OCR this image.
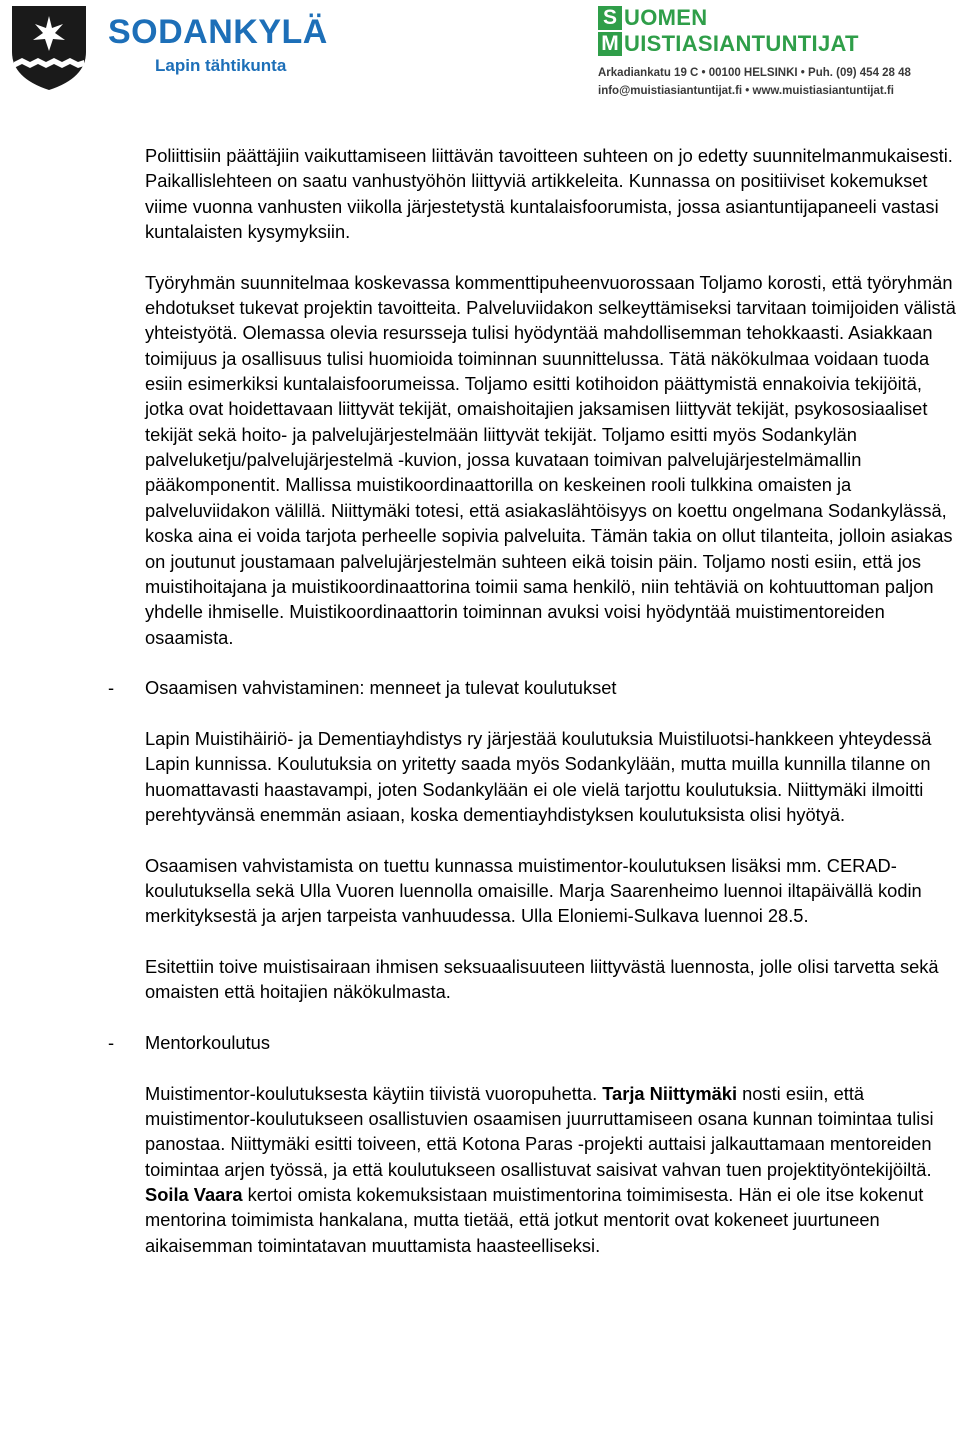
SODANKYLÄ
Lapin tähtikunta
S UOMEN
M UISTIASIANTUNTIJAT
Arkadiankatu 19 C • 00100 HELSINKI • Puh. (09) 454 28 48
info@muistiasiantuntijat.fi • www.muistiasiantuntijat.fi

Poliittisiin päättäjiin vaikuttamiseen liittävän tavoitteen suhteen on jo edetty suunnitelmanmukaisesti. Paikallislehteen on saatu vanhustyöhön liittyviä artikkeleita. Kunnassa on positiiviset kokemukset viime vuonna vanhusten viikolla järjestetystä kuntalaisfoorumista, jossa asiantuntijapaneeli vastasi kuntalaisten kysymyksiin.

Työryhmän suunnitelmaa koskevassa kommenttipuheenvuorossaan Toljamo korosti, että työryhmän ehdotukset tukevat projektin tavoitteita. Palveluviidakon selkeyttämiseksi tarvitaan toimijoiden välistä yhteistyötä. Olemassa olevia resursseja tulisi hyödyntää mahdollisemman tehokkaasti. Asiakkaan toimijuus ja osallisuus tulisi huomioida toiminnan suunnittelussa. Tätä näkökulmaa voidaan tuoda esiin esimerkiksi kuntalaisfoorumeissa. Toljamo esitti kotihoidon päättymistä ennakoivia tekijöitä, jotka ovat hoidettavaan liittyvät tekijät, omaishoitajien jaksamisen liittyvät tekijät, psykososiaaliset tekijät sekä hoito- ja palvelujärjestelmään liittyvät tekijät. Toljamo esitti myös Sodankylän palveluketju/palvelujärjestelmä -kuvion, jossa kuvataan toimivan palvelujärjestelmämallin pääkomponentit. Mallissa muistikoordinaattorilla on keskeinen rooli tulkkina omaisten ja palveluviidakon välillä. Niittymäki totesi, että asiakaslähtöisyys on koettu ongelmana Sodankylässä, koska aina ei voida tarjota perheelle sopivia palveluita. Tämän takia on ollut tilanteita, jolloin asiakas on joutunut joustamaan palvelujärjestelmän suhteen eikä toisin päin. Toljamo nosti esiin, että jos muistihoitajana ja muistikoordinaattorina toimii sama henkilö, niin tehtäviä on kohtuuttoman paljon yhdelle ihmiselle. Muistikoordinaattorin toiminnan avuksi voisi hyödyntää muistimentoreiden osaamista.

- Osaamisen vahvistaminen: menneet ja tulevat koulutukset

Lapin Muistihäiriö- ja Dementiayhdistys ry järjestää koulutuksia Muistiluotsi-hankkeen yhteydessä Lapin kunnissa. Koulutuksia on yritetty saada myös Sodankylään, mutta muilla kunnilla tilanne on huomattavasti haastavampi, joten Sodankylään ei ole vielä tarjottu koulutuksia. Niittymäki ilmoitti perehtyvänsä enemmän asiaan, koska dementiayhdistyksen koulutuksista olisi hyötyä.

Osaamisen vahvistamista on tuettu kunnassa muistimentor-koulutuksen lisäksi mm. CERAD- koulutuksella sekä Ulla Vuoren luennolla omaisille. Marja Saarenheimo luennoi iltapäivällä kodin merkityksestä ja arjen tarpeista vanhuudessa. Ulla Eloniemi-Sulkava luennoi 28.5.

Esitettiin toive muistisairaan ihmisen seksuaalisuuteen liittyvästä luennosta, jolle olisi tarvetta sekä omaisten että hoitajien näkökulmasta.

- Mentorkoulutus

Muistimentor-koulutuksesta käytiin tiivistä vuoropuhetta. Tarja Niittymäki nosti esiin, että muistimentor-koulutukseen osallistuvien osaamisen juurruttamiseen osana kunnan toimintaa tulisi panostaa. Niittymäki esitti toiveen, että Kotona Paras -projekti auttaisi jalkauttamaan mentoreiden toimintaa arjen työssä, ja että koulutukseen osallistuvat saisivat vahvan tuen projektityöntekijöiltä. Soila Vaara kertoi omista kokemuksistaan muistimentorina toimimisesta. Hän ei ole itse kokenut mentorina toimimista hankalana, mutta tietää, että jotkut mentorit ovat kokeneet juurtuneen aikaisemman toimintatavan muuttamista haasteelliseksi.
